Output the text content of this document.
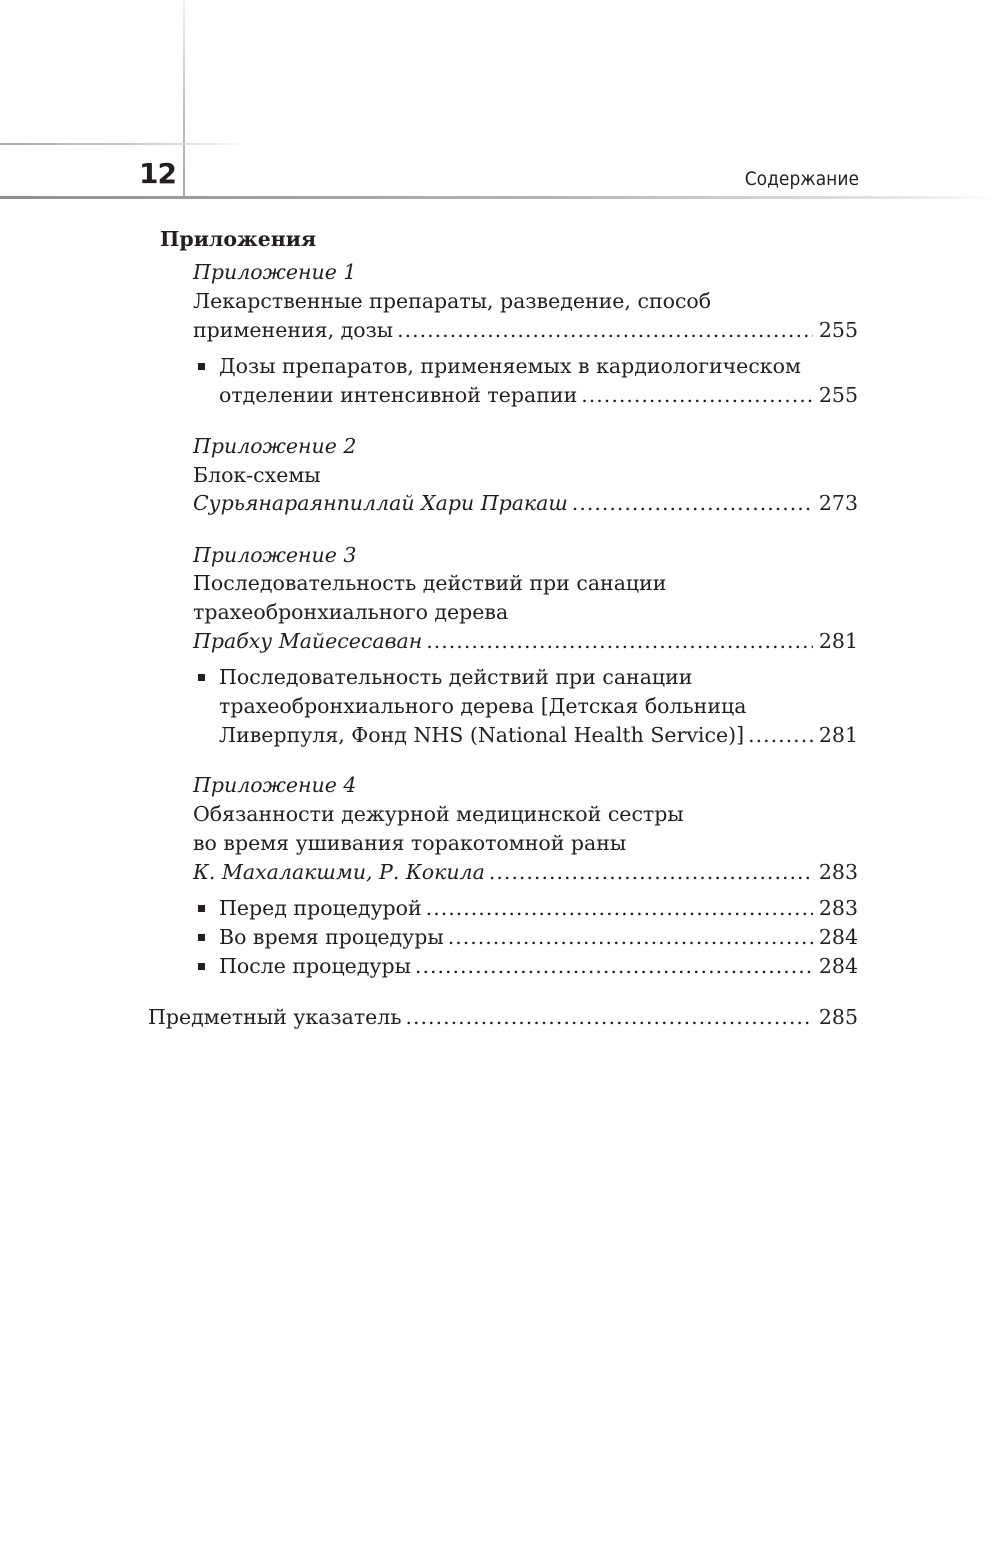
12	Содержание
Приложения
Приложение 1
Лекарственные препараты, разведение, способ
применения, дозы .....	255
Дозы препаратов, применяемых в кардиологическом
отделении интенсивной терапии .....	255
Приложение 2
Блок-схемы
Сурьянараянпиллай Хари Пракаш .....	273
Приложение 3
Последовательность действий при санации
трахеобронхиального дерева
Прабху Майесесаван .....	281
Последовательность действий при санации
трахеобронхиального дерева [Детская больница
Ливерпуля, Фонд NHS (National Health Service)] .....	281
Приложение 4
Обязанности дежурной медицинской сестры
во время ушивания торакотомной раны
К. Махалакшми, Р. Кокила .....	283
Перед процедурой .....	283
Во время процедуры .....	284
После процедуры .....	284
Предметный указатель .....	285
